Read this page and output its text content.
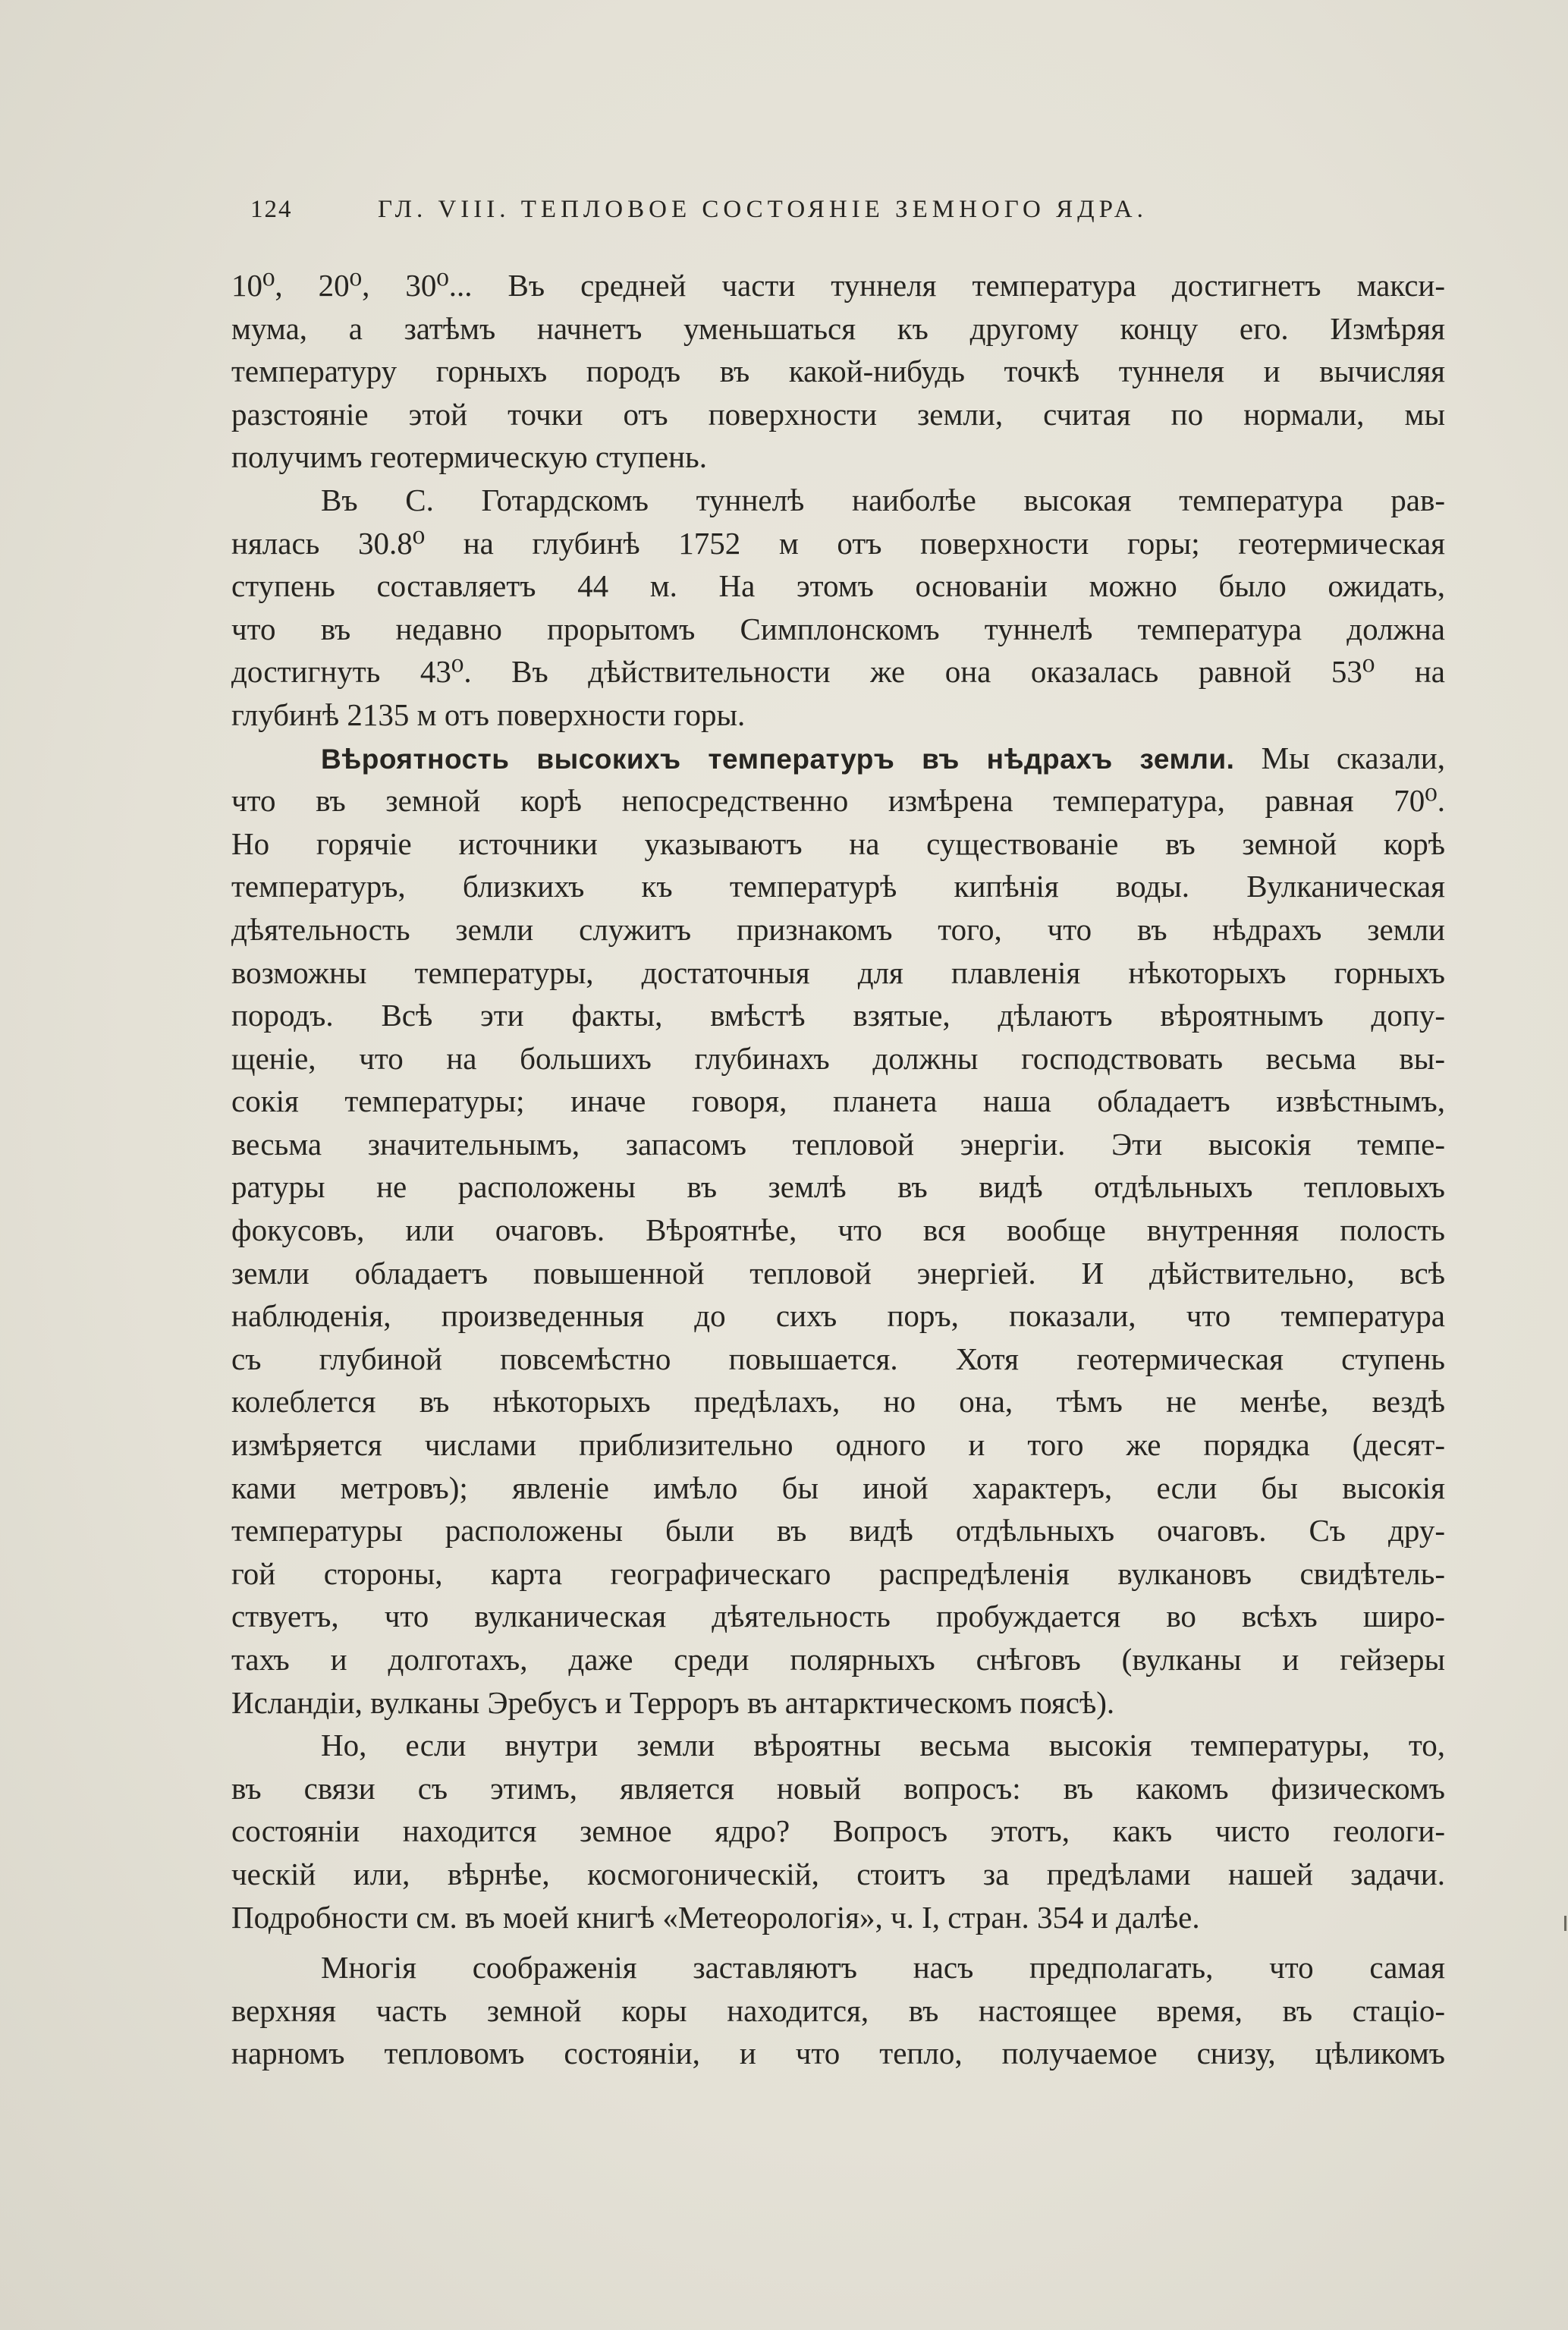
124	ГЛ. VIII. ТЕПЛОВОЕ СОСТОЯНІЕ ЗЕМНОГО ЯДРА.
10⁰, 20⁰, 30⁰... Въ средней части туннеля температура достигнетъ макси-
мума, а затѣмъ начнетъ уменьшаться къ другому концу его. Измѣряя
температуру горныхъ породъ въ какой-нибудь точкѣ туннеля и вычисляя
разстояніе этой точки отъ поверхности земли, считая по нормали, мы
получимъ геотермическую ступень.
Въ С. Готардскомъ туннелѣ наиболѣе высокая температура рав-
нялась 30.8⁰ на глубинѣ 1752 м отъ поверхности горы; геотермическая
ступень составляетъ 44 м. На этомъ основаніи можно было ожидать,
что въ недавно прорытомъ Симплонскомъ туннелѣ температура должна
достигнуть 43⁰. Въ дѣйствительности же она оказалась равной 53⁰ на
глубинѣ 2135 м отъ поверхности горы.
Вѣроятность высокихъ температуръ въ нѣдрахъ земли. Мы сказали,
что въ земной корѣ непосредственно измѣрена температура, равная 70⁰.
Но горячіе источники указываютъ на существованіе въ земной корѣ
температуръ, близкихъ къ температурѣ кипѣнія воды. Вулканическая
дѣятельность земли служитъ признакомъ того, что въ нѣдрахъ земли
возможны температуры, достаточныя для плавленія нѣкоторыхъ горныхъ
породъ. Всѣ эти факты, вмѣстѣ взятые, дѣлаютъ вѣроятнымъ допу-
щеніе, что на большихъ глубинахъ должны господствовать весьма вы-
сокія температуры; иначе говоря, планета наша обладаетъ извѣстнымъ,
весьма значительнымъ, запасомъ тепловой энергіи. Эти высокія темпе-
ратуры не расположены въ землѣ въ видѣ отдѣльныхъ тепловыхъ
фокусовъ, или очаговъ. Вѣроятнѣе, что вся вообще внутренняя полость
земли обладаетъ повышенной тепловой энергіей. И дѣйствительно, всѣ
наблюденія, произведенныя до сихъ поръ, показали, что температура
съ глубиной повсемѣстно повышается. Хотя геотермическая ступень
колеблется въ нѣкоторыхъ предѣлахъ, но она, тѣмъ не менѣе, вездѣ
измѣряется числами приблизительно одного и того же порядка (десят-
ками метровъ); явленіе имѣло бы иной характеръ, если бы высокія
температуры расположены были въ видѣ отдѣльныхъ очаговъ. Съ дру-
гой стороны, карта географическаго распредѣленія вулкановъ свидѣтель-
ствуетъ, что вулканическая дѣятельность пробуждается во всѣхъ широ-
тахъ и долготахъ, даже среди полярныхъ снѣговъ (вулканы и гейзеры
Исландіи, вулканы Эребусъ и Терроръ въ антарктическомъ поясѣ).
Но, если внутри земли вѣроятны весьма высокія температуры, то,
въ связи съ этимъ, является новый вопросъ: въ какомъ физическомъ
состояніи находится земное ядро? Вопросъ этотъ, какъ чисто геологи-
ческій или, вѣрнѣе, космогоническій, стоитъ за предѣлами нашей задачи.
Подробности см. въ моей книгѣ «Метеорологія», ч. I, стран. 354 и далѣе.
Многія соображенія заставляютъ насъ предполагать, что самая
верхняя часть земной коры находится, въ настоящее время, въ стаціо-
нарномъ тепловомъ состояніи, и что тепло, получаемое снизу, цѣликомъ
